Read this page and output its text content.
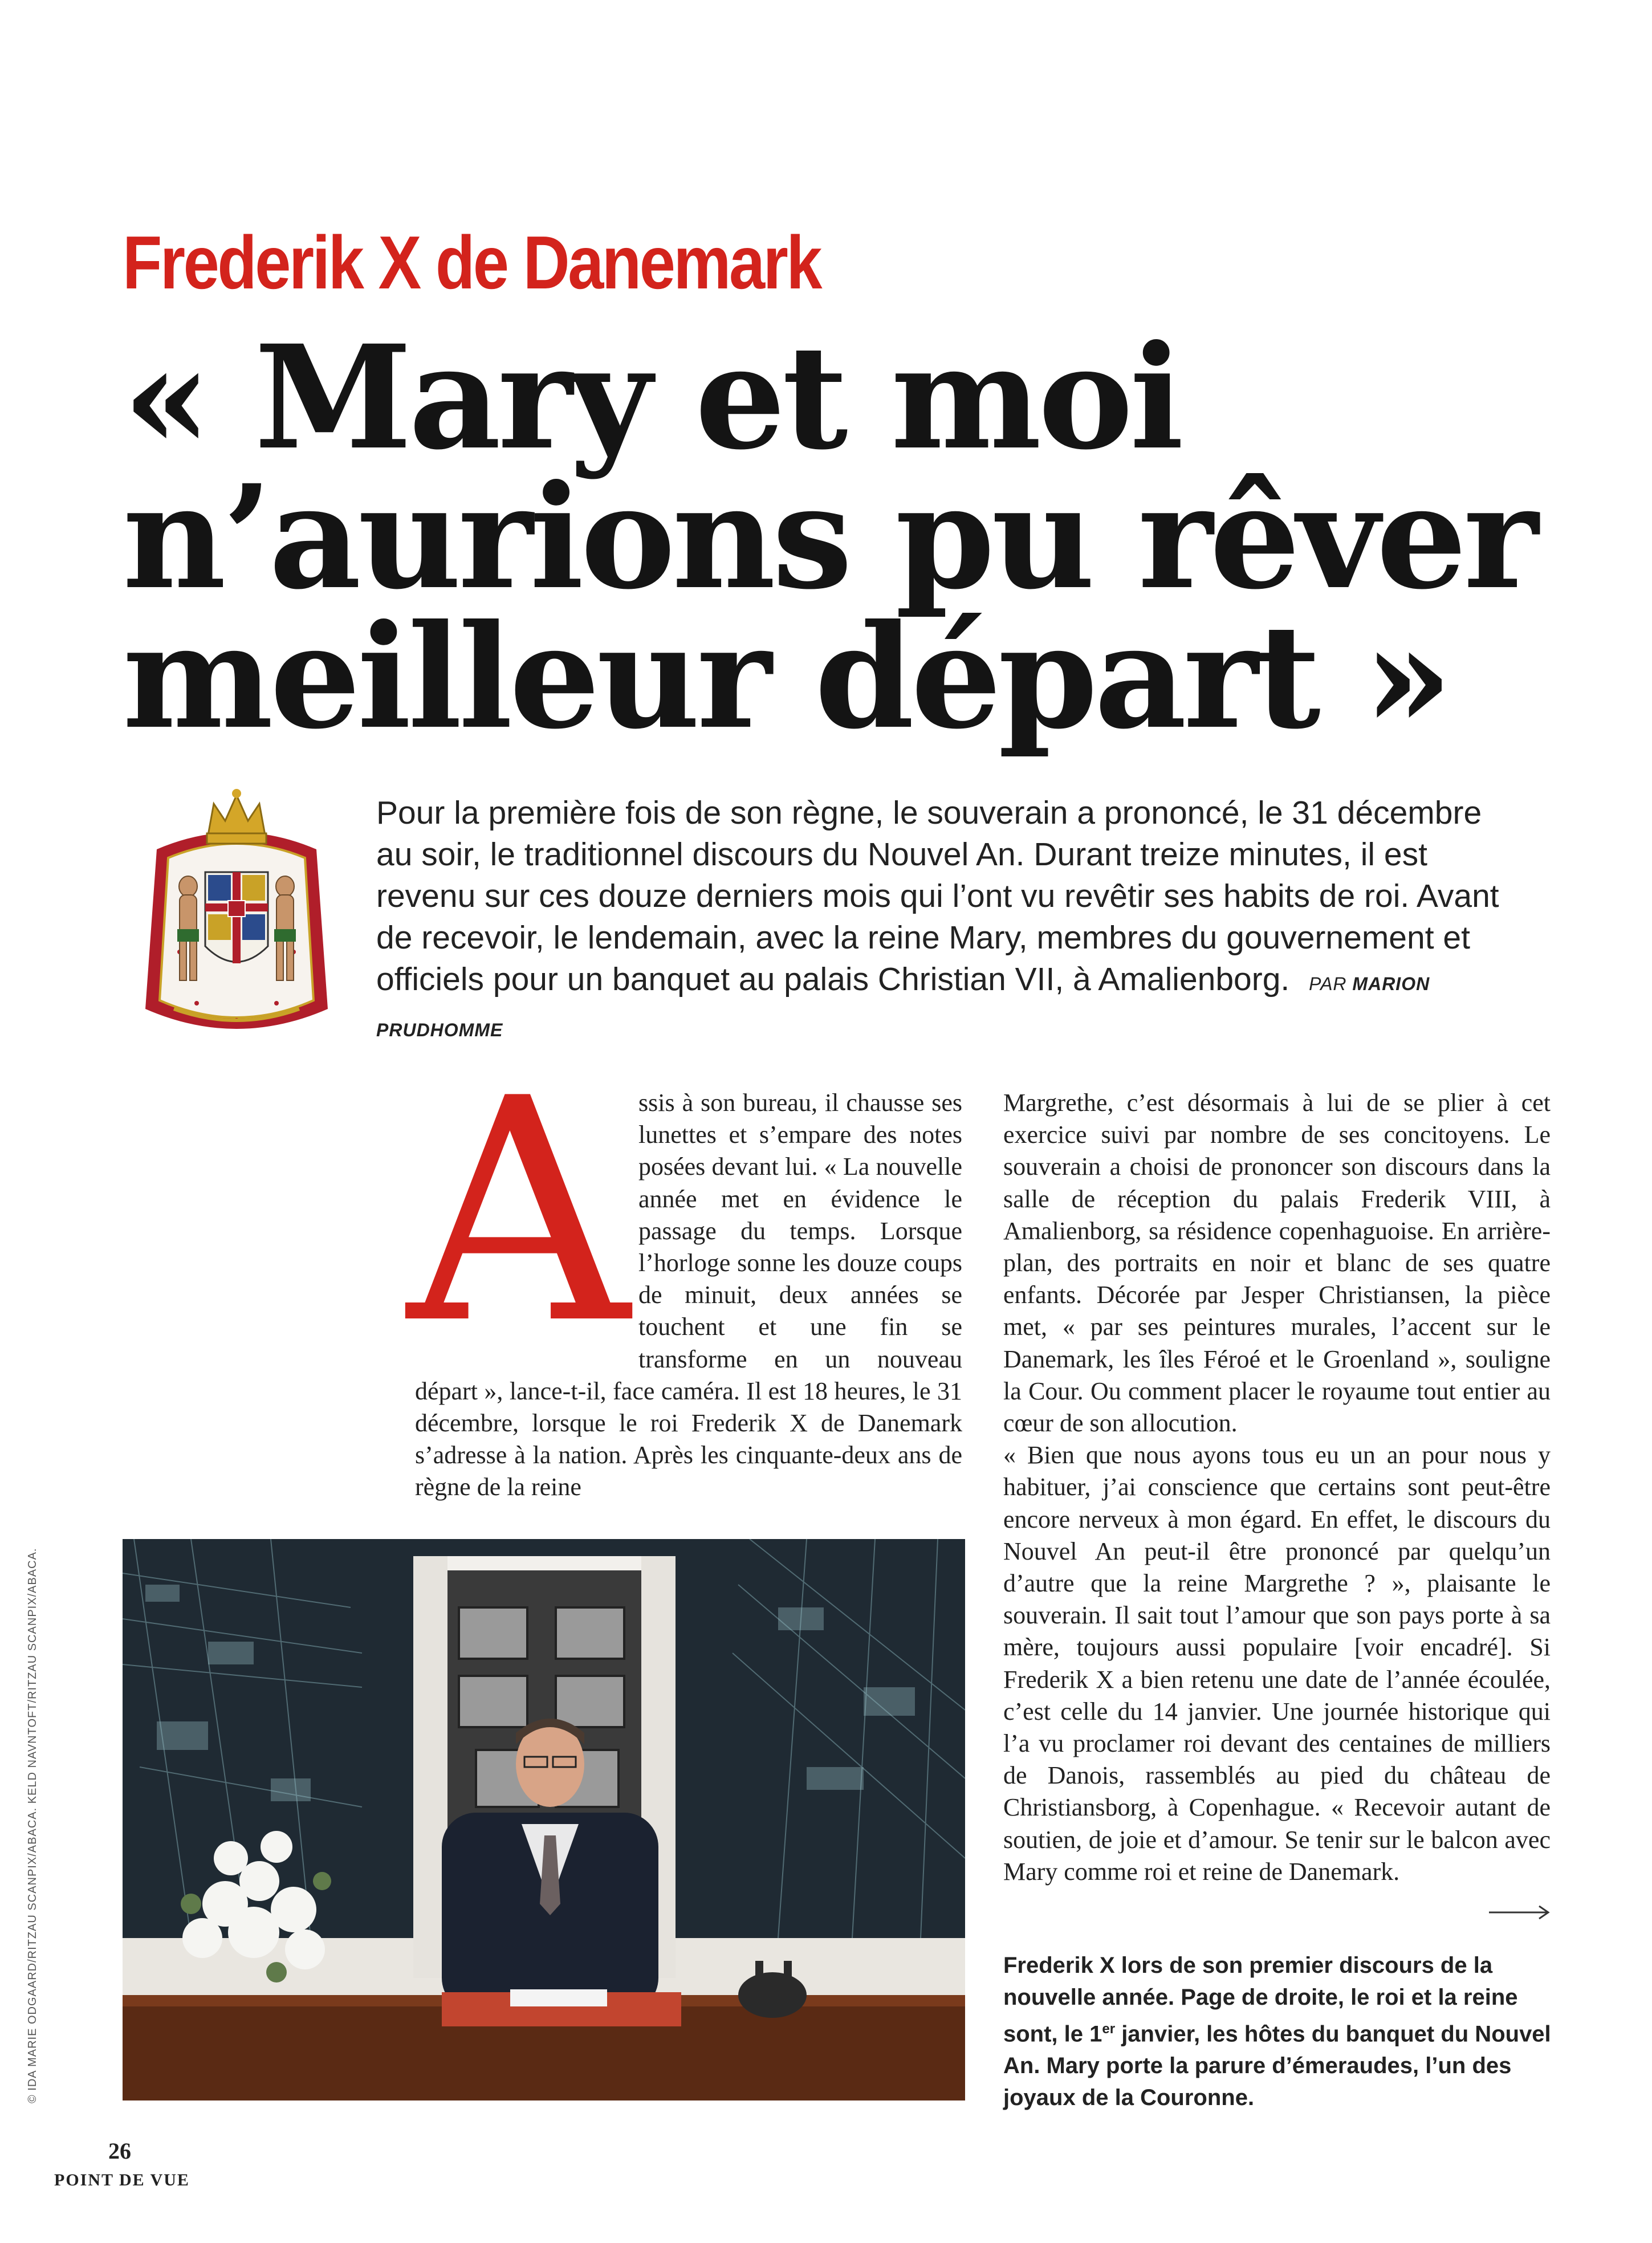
Frederik X de Danemark
« Mary et moi
n’aurions pu rêver
meilleur départ »

Pour la première fois de son règne, le souverain a prononcé, le 31 décembre au soir, le traditionnel discours du Nouvel An. Durant treize minutes, il est revenu sur ces douze derniers mois qui l’ont vu revêtir ses habits de roi. Avant de recevoir, le lendemain, avec la reine Mary, membres du gouvernement et officiels pour un banquet au palais Christian VII, à Amalienborg. PAR MARION PRUDHOMME

A ssis à son bureau, il chausse ses lunettes et s’empare des notes posées devant lui. « La nouvelle année met en évidence le passage du temps. Lorsque l’horloge sonne les douze coups de minuit, deux années se touchent et une fin se transforme en un nouveau départ », lance-t-il, face caméra. Il est 18 heures, le 31 décembre, lorsque le roi Frederik X de Danemark s’adresse à la nation. Après les cinquante-deux ans de règne de la reine

Margrethe, c’est désormais à lui de se plier à cet exercice suivi par nombre de ses concitoyens. Le souverain a choisi de prononcer son discours dans la salle de réception du palais Frederik VIII, à Amalienborg, sa résidence copenhaguoise. En arrière-plan, des portraits en noir et blanc de ses quatre enfants. Décorée par Jesper Christiansen, la pièce met, « par ses peintures murales, l’accent sur le Danemark, les îles Féroé et le Groenland », souligne la Cour. Ou comment placer le royaume tout entier au cœur de son allocution.

« Bien que nous ayons tous eu un an pour nous y habituer, j’ai conscience que certains sont peut-être encore nerveux à mon égard. En effet, le discours du Nouvel An peut-il être prononcé par quelqu’un d’autre que la reine Margrethe ? », plaisante le souverain. Il sait tout l’amour que son pays porte à sa mère, toujours aussi populaire [voir encadré]. Si Frederik X a bien retenu une date de l’année écoulée, c’est celle du 14 janvier. Une journée historique qui l’a vu proclamer roi devant des centaines de milliers de Danois, rassemblés au pied du château de Christiansborg, à Copenhague. « Recevoir autant de soutien, de joie et d’amour. Se tenir sur le balcon avec Mary comme roi et reine de Danemark.

Frederik X lors de son premier discours de la nouvelle année. Page de droite, le roi et la reine sont, le 1er janvier, les hôtes du banquet du Nouvel An. Mary porte la parure d’émeraudes, l’un des joyaux de la Couronne.
© IDA MARIE ODGAARD/RITZAU SCANPIX/ABACA. KELD NAVNTOFT/RITZAU SCANPIX/ABACA.
26
POINT DE VUE
